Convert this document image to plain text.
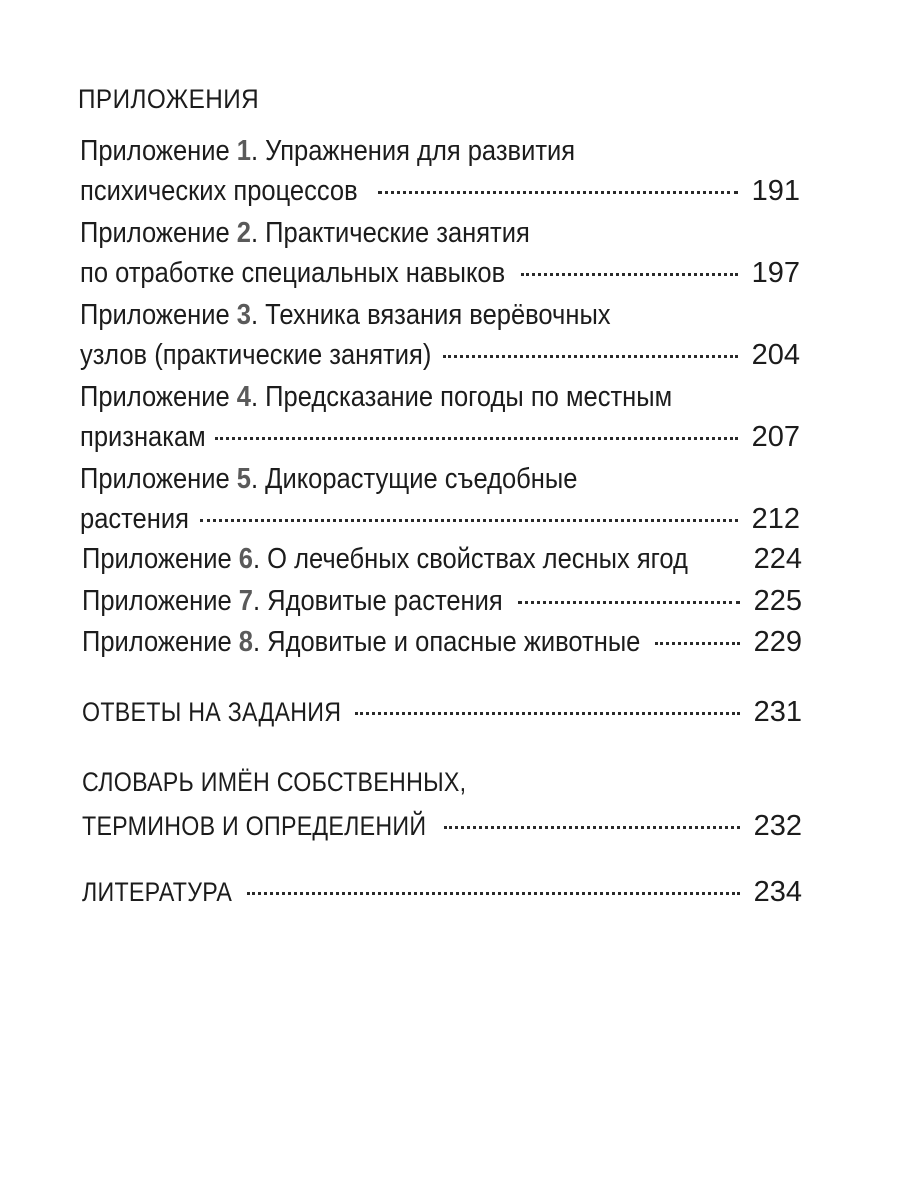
ПРИЛОЖЕНИЯ
Приложение 1. Упражнения для развития
психических процессов	191
Приложение 2. Практические занятия
по отработке специальных навыков	197
Приложение 3. Техника вязания верёвочных
узлов (практические занятия)	204
Приложение 4. Предсказание погоды по местным
признакам	207
Приложение 5. Дикорастущие съедобные
растения	212
Приложение 6. О лечебных свойствах лесных ягод 224
Приложение 7. Ядовитые растения	225
Приложение 8. Ядовитые и опасные животные	229
ОТВЕТЫ НА ЗАДАНИЯ	231
СЛОВАРЬ ИМЁН СОБСТВЕННЫХ,
ТЕРМИНОВ И ОПРЕДЕЛЕНИЙ	232
ЛИТЕРАТУРА	234
